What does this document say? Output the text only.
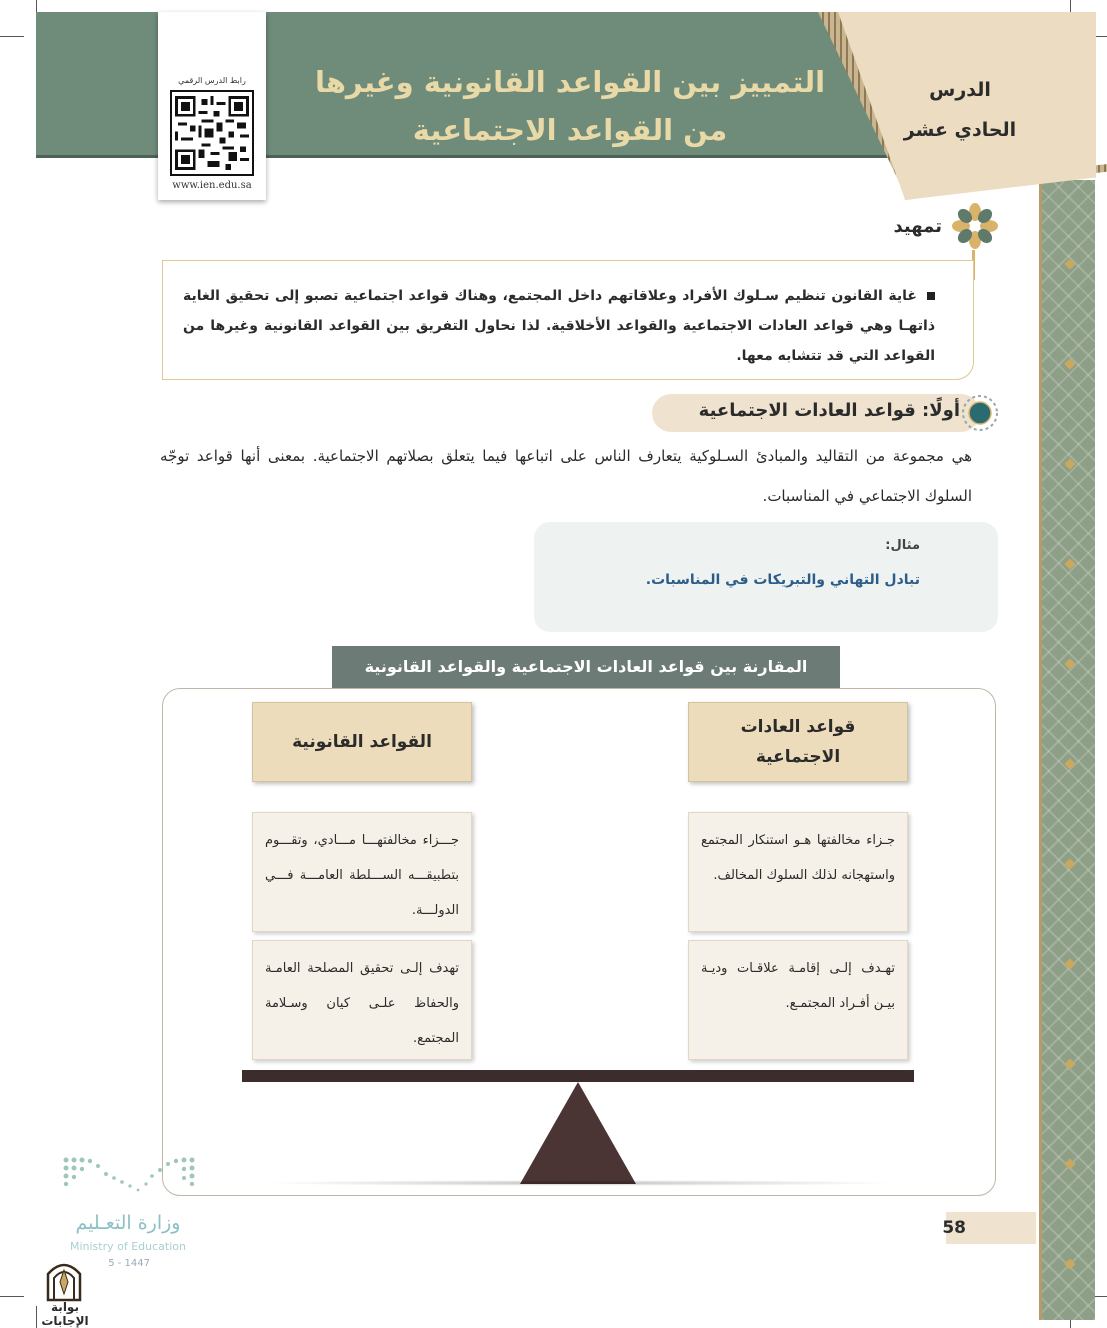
التمييز بين القواعد القانونية وغيرها
من القواعد الاجتماعية
الدرس
الحادي عشر
رابط الدرس الرقمي
www.ien.edu.sa
تمهيد
غاية القانون تنظيم سـلوك الأفراد وعلاقاتهم داخل المجتمع، وهناك قواعد اجتماعية تصبو إلى تحقيق الغاية ذاتهـا وهي قواعد العادات الاجتماعية والقواعد الأخلاقية. لذا نحاول التفريق بين القواعد القانونية وغيرها من القواعد التي قد تتشابه معها.
أولًا: قواعد العادات الاجتماعية
هي مجموعة من التقاليد والمبادئ السـلوكية يتعارف الناس على اتباعها فيما يتعلق بصلاتهم الاجتماعية. بمعنى أنها قواعد توجّه السلوك الاجتماعي في المناسبات.
مثال:
تبادل التهاني والتبريكات في المناسبات.
المقارنة بين قواعد العادات الاجتماعية والقواعد القانونية
قواعد العادات الاجتماعية
القواعد القانونية
جـزاء مخالفتها هـو استنكار المجتمع واستهجانه لذلك السلوك المخالف.
تهـدف إلـى إقامـة علاقـات وديـة بيـن أفـراد المجتمـع.
جـــزاء مخالفتهـــا مـــادي، وتقـــوم بتطبيقـــه الســـلطة العامـــة فـــي الدولـــة.
تهدف إلـى تحقيق المصلحة العامـة والحفاظ علـى كيان وسـلامة المجتمع.
58
وزارة التعـليم
Ministry of Education
5 - 1447
بوابة الإجابات
